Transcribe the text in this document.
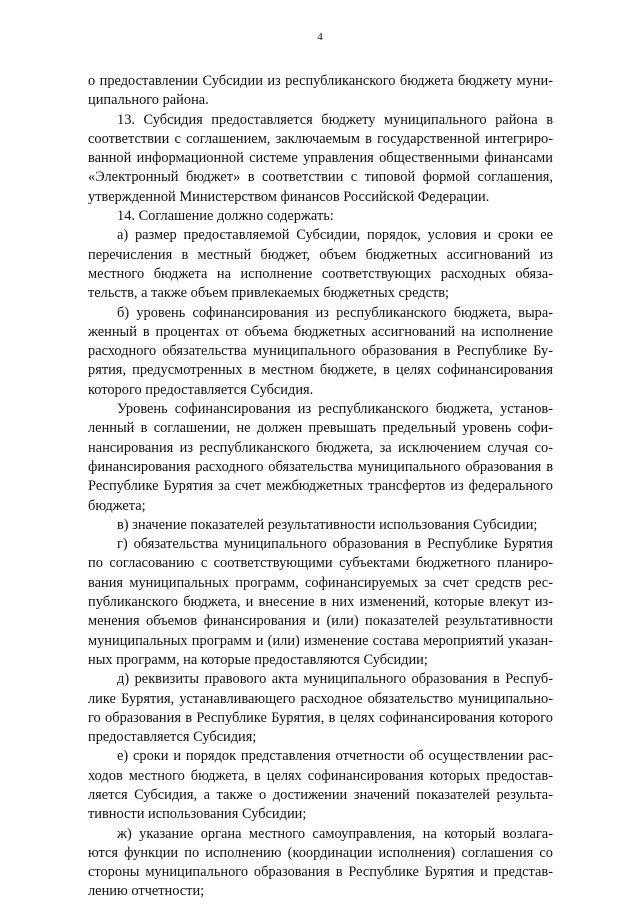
4
о предоставлении Субсидии из республиканского бюджета бюджету муни-
ципального района.
13. Субсидия предоставляется бюджету муниципального района в
соответствии с соглашением, заключаемым в государственной интегриро-
ванной информационной системе управления общественными финансами
«Электронный бюджет» в соответствии с типовой формой соглашения,
утвержденной Министерством финансов Российской Федерации.
14. Соглашение должно содержать:
а) размер предоставляемой Субсидии, порядок, условия и сроки ее
перечисления в местный бюджет, объем бюджетных ассигнований из
местного бюджета на исполнение соответствующих расходных обяза-
тельств, а также объем привлекаемых бюджетных средств;
б) уровень софинансирования из республиканского бюджета, выра-
женный в процентах от объема бюджетных ассигнований на исполнение
расходного обязательства муниципального образования в Республике Бу-
рятия, предусмотренных в местном бюджете, в целях софинансирования
которого предоставляется Субсидия.
Уровень софинансирования из республиканского бюджета, установ-
ленный в соглашении, не должен превышать предельный уровень софи-
нансирования из республиканского бюджета, за исключением случая со-
финансирования расходного обязательства муниципального образования в
Республике Бурятия за счет межбюджетных трансфертов из федерального
бюджета;
в) значение показателей результативности использования Субсидии;
г) обязательства муниципального образования в Республике Бурятия
по согласованию с соответствующими субъектами бюджетного планиро-
вания муниципальных программ, софинансируемых за счет средств рес-
публиканского бюджета, и внесение в них изменений, которые влекут из-
менения объемов финансирования и (или) показателей результативности
муниципальных программ и (или) изменение состава мероприятий указан-
ных программ, на которые предоставляются Субсидии;
д) реквизиты правового акта муниципального образования в Респуб-
лике Бурятия, устанавливающего расходное обязательство муниципально-
го образования в Республике Бурятия, в целях софинансирования которого
предоставляется Субсидия;
е) сроки и порядок представления отчетности об осуществлении рас-
ходов местного бюджета, в целях софинансирования которых предостав-
ляется Субсидия, а также о достижении значений показателей результа-
тивности использования Субсидии;
ж) указание органа местного самоуправления, на который возлага-
ются функции по исполнению (координации исполнения) соглашения со
стороны муниципального образования в Республике Бурятия и представ-
лению отчетности;
